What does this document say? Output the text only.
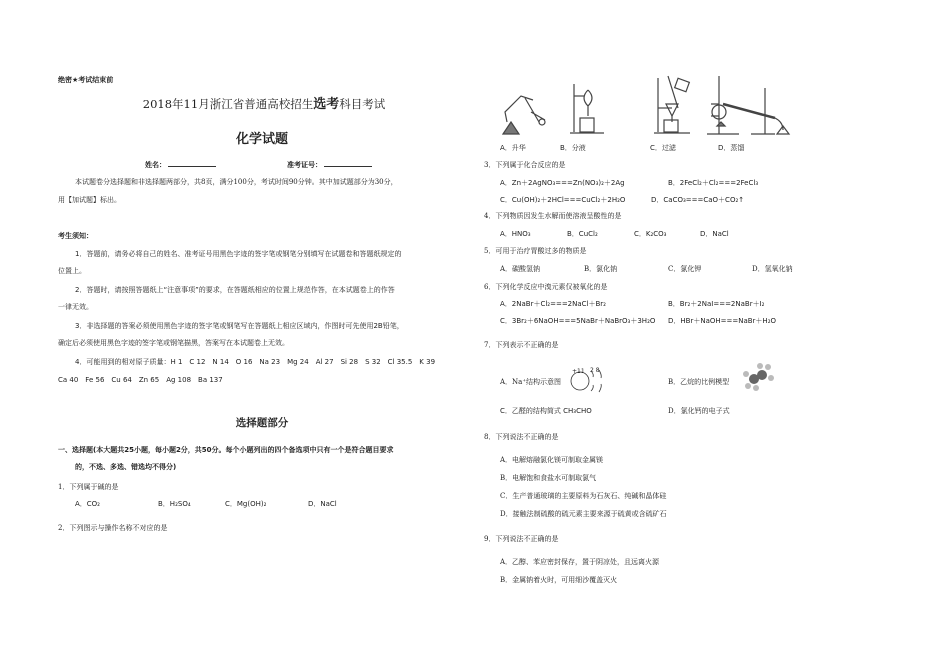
绝密★考试结束前
2018年11月浙江省普通高校招生选考科目考试
化学试题
姓名：	准考证号：
本试题卷分选择题和非选择题两部分，共8页，满分100分，考试时间90分钟。其中加试题部分为30分，
用【加试题】标出。
考生须知：
1．答题前，请务必将自己的姓名、准考证号用黑色字迹的签字笔或钢笔分别填写在试题卷和答题纸规定的
位置上。
2．答题时，请按照答题纸上“注意事项”的要求，在答题纸相应的位置上规范作答，在本试题卷上的作答
一律无效。
3．非选择题的答案必须使用黑色字迹的签字笔或钢笔写在答题纸上相应区域内，作图时可先使用2B铅笔，
确定后必须使用黑色字迹的签字笔或钢笔描黑，答案写在本试题卷上无效。
4．可能用到的相对原子质量：H 1　C 12　N 14　O 16　Na 23　Mg 24　Al 27　Si 28　S 32　Cl 35.5　K 39
Ca 40　Fe 56　Cu 64　Zn 65　Ag 108　Ba 137
选择题部分
一、选择题(本大题共25小题，每小题2分，共50分。每个小题列出的四个备选项中只有一个是符合题目要求
的，不选、多选、错选均不得分)
1．下列属于碱的是
A．CO₂	B．H₂SO₄	C．Mg(OH)₂	D．NaCl
2．下列图示与操作名称不对应的是
A．升华	B．分液	C．过滤	D．蒸馏
3．下列属于化合反应的是
A．Zn＋2AgNO₃===Zn(NO₃)₂＋2Ag	B．2FeCl₂＋Cl₂===2FeCl₃
C．Cu(OH)₂＋2HCl===CuCl₂＋2H₂O	D．CaCO₃===CaO＋CO₂↑
4．下列物质因发生水解而使溶液呈酸性的是
A．HNO₃	B．CuCl₂	C．K₂CO₃	D．NaCl
5．可用于治疗胃酸过多的物质是
A．碳酸氢钠	B．氯化钠	C．氯化钾	D．氢氧化钠
6．下列化学反应中溴元素仅被氧化的是
A．2NaBr＋Cl₂===2NaCl＋Br₂	B．Br₂＋2NaI===2NaBr＋I₂
C．3Br₂＋6NaOH===5NaBr＋NaBrO₃＋3H₂O D．HBr＋NaOH===NaBr＋H₂O
7．下列表示不正确的是
A．Na⁺结构示意图
+11 2 8
B．乙烷的比例模型
C．乙醛的结构简式 CH₃CHO	D．氯化钙的电子式
8．下列说法不正确的是
A．电解熔融氯化镁可制取金属镁
B．电解饱和食盐水可制取氯气
C．生产普通玻璃的主要原料为石灰石、纯碱和晶体硅
D．接触法制硫酸的硫元素主要来源于硫黄或含硫矿石
9．下列说法不正确的是
A．乙醇、苯应密封保存，置于阴凉处，且远离火源
B．金属钠着火时，可用细沙覆盖灭火
